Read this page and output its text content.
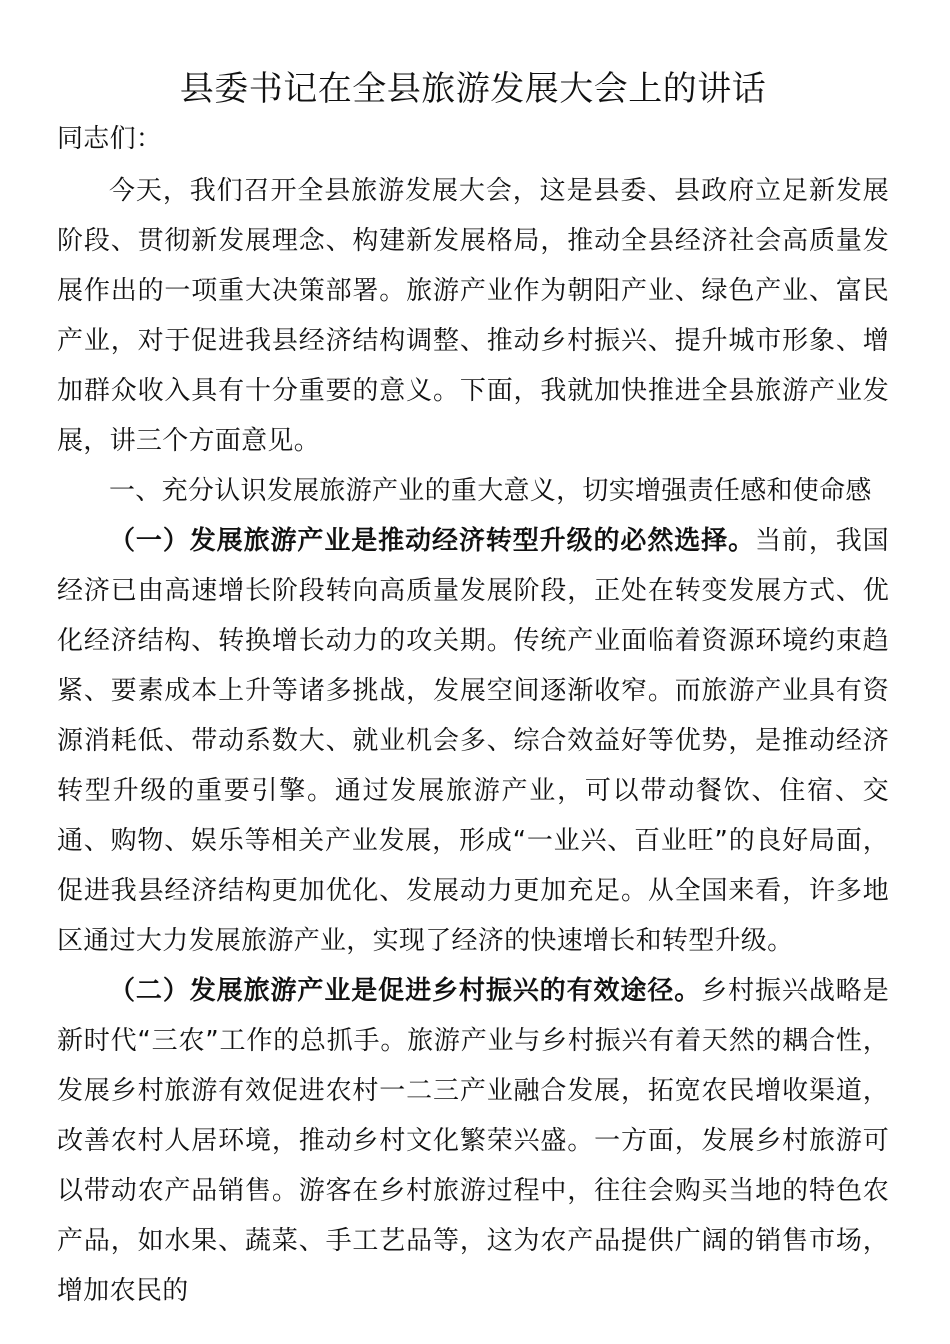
县委书记在全县旅游发展大会上的讲话

同志们：

今天，我们召开全县旅游发展大会，这是县委、县政府立足新发展阶段、贯彻新发展理念、构建新发展格局，推动全县经济社会高质量发展作出的一项重大决策部署。旅游产业作为朝阳产业、绿色产业、富民产业，对于促进我县经济结构调整、推动乡村振兴、提升城市形象、增加群众收入具有十分重要的意义。下面，我就加快推进全县旅游产业发展，讲三个方面意见。

一、充分认识发展旅游产业的重大意义，切实增强责任感和使命感

（一）发展旅游产业是推动经济转型升级的必然选择。当前，我国经济已由高速增长阶段转向高质量发展阶段，正处在转变发展方式、优化经济结构、转换增长动力的攻关期。传统产业面临着资源环境约束趋紧、要素成本上升等诸多挑战，发展空间逐渐收窄。而旅游产业具有资源消耗低、带动系数大、就业机会多、综合效益好等优势，是推动经济转型升级的重要引擎。通过发展旅游产业，可以带动餐饮、住宿、交通、购物、娱乐等相关产业发展，形成“一业兴、百业旺”的良好局面，促进我县经济结构更加优化、发展动力更加充足。从全国来看，许多地区通过大力发展旅游产业，实现了经济的快速增长和转型升级。

（二）发展旅游产业是促进乡村振兴的有效途径。乡村振兴战略是新时代“三农”工作的总抓手。旅游产业与乡村振兴有着天然的耦合性，发展乡村旅游有效促进农村一二三产业融合发展，拓宽农民增收渠道，改善农村人居环境，推动乡村文化繁荣兴盛。一方面，发展乡村旅游可以带动农产品销售。游客在乡村旅游过程中，往往会购买当地的特色农产品，如水果、蔬菜、手工艺品等，这为农产品提供广阔的销售市场，增加农民的
